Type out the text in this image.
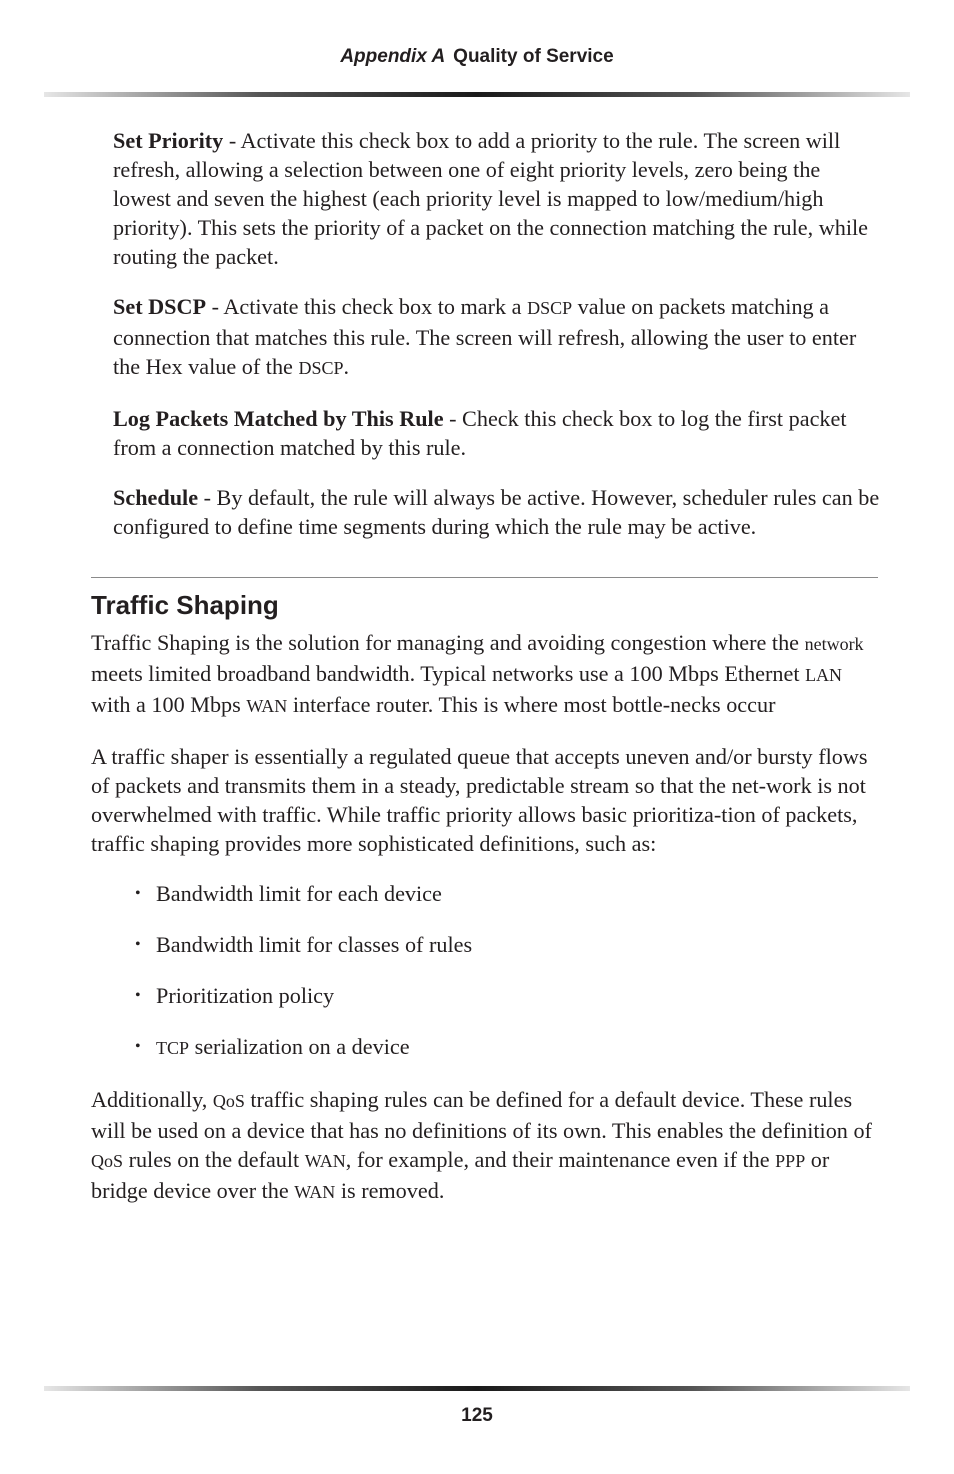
Appendix A Quality of Service

Set Priority - Activate this check box to add a priority to the rule. The screen will refresh, allowing a selection between one of eight priority levels, zero being the lowest and seven the highest (each priority level is mapped to low/medium/high priority). This sets the priority of a packet on the connection matching the rule, while routing the packet.

Set DSCP - Activate this check box to mark a DSCP value on packets matching a connection that matches this rule. The screen will refresh, allowing the user to enter the Hex value of the DSCP.

Log Packets Matched by This Rule - Check this check box to log the first packet from a connection matched by this rule.

Schedule - By default, the rule will always be active. However, scheduler rules can be configured to define time segments during which the rule may be active.

Traffic Shaping

Traffic Shaping is the solution for managing and avoiding congestion where the network meets limited broadband bandwidth. Typical networks use a 100 Mbps Ethernet LAN with a 100 Mbps WAN interface router. This is where most bottle-necks occur

A traffic shaper is essentially a regulated queue that accepts uneven and/or bursty flows of packets and transmits them in a steady, predictable stream so that the net-work is not overwhelmed with traffic. While traffic priority allows basic prioritiza-tion of packets, traffic shaping provides more sophisticated definitions, such as:

• Bandwidth limit for each device
• Bandwidth limit for classes of rules
• Prioritization policy
• TCP serialization on a device

Additionally, QoS traffic shaping rules can be defined for a default device. These rules will be used on a device that has no definitions of its own. This enables the definition of QoS rules on the default WAN, for example, and their maintenance even if the PPP or bridge device over the WAN is removed.

125
